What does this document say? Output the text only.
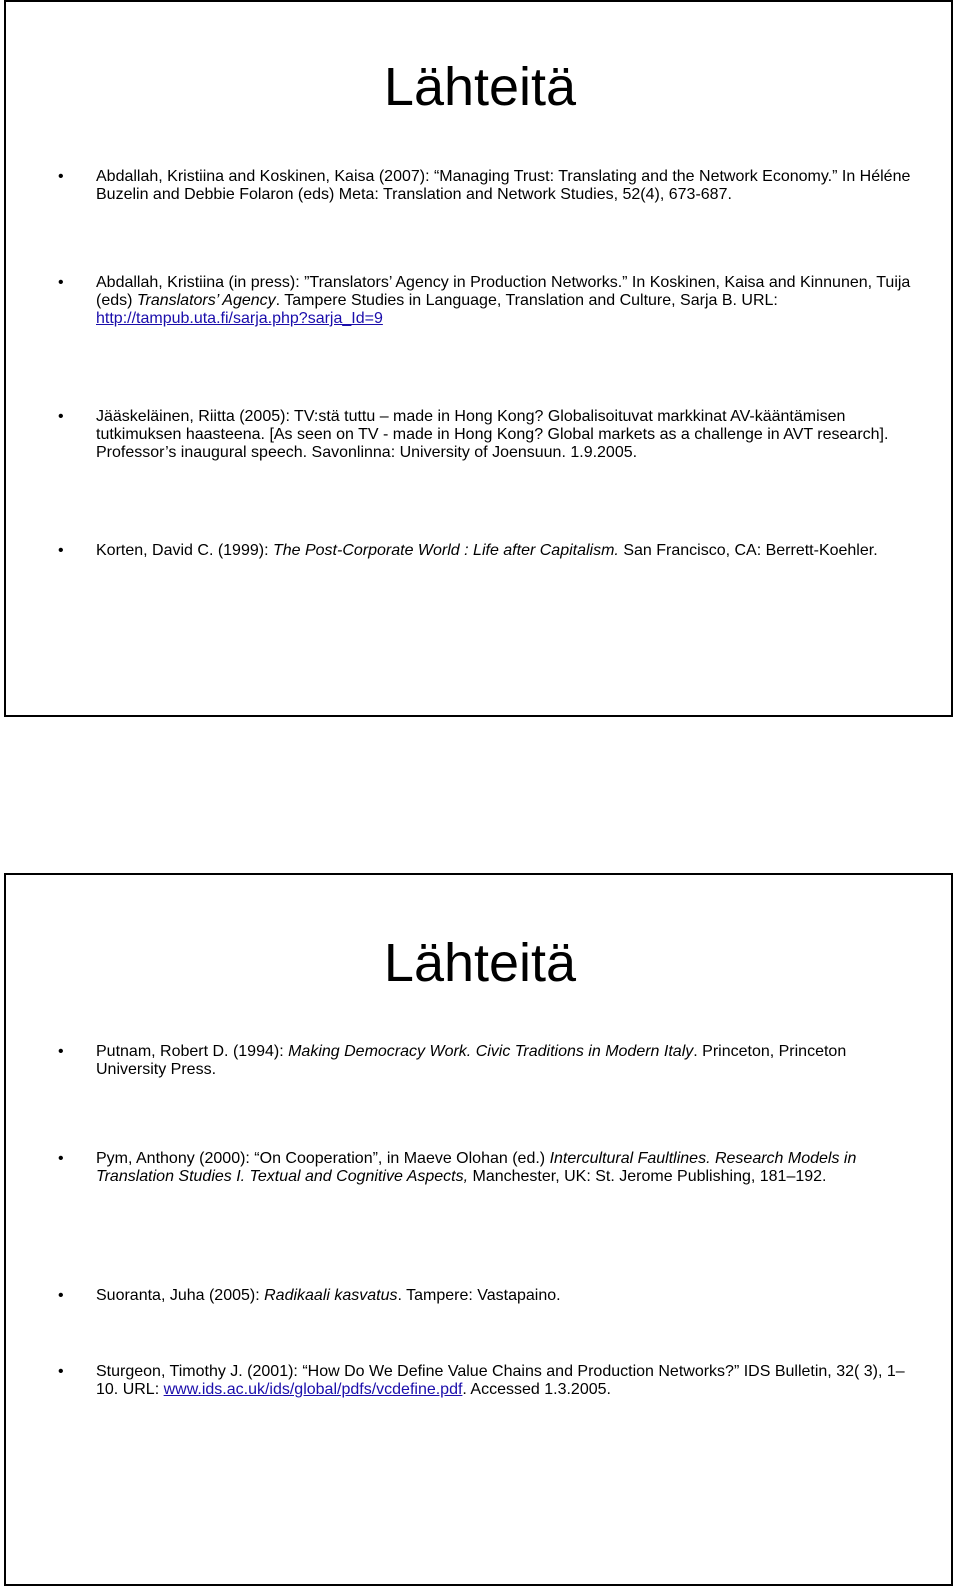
Lähteitä
• Abdallah, Kristiina and Koskinen, Kaisa (2007): “Managing Trust: Translating and the Network Economy.” In Héléne Buzelin and Debbie Folaron (eds) Meta: Translation and Network Studies, 52(4), 673-687.
• Abdallah, Kristiina (in press): ”Translators’ Agency in Production Networks.” In Koskinen, Kaisa and Kinnunen, Tuija (eds) Translators’ Agency. Tampere Studies in Language, Translation and Culture, Sarja B. URL: http://tampub.uta.fi/sarja.php?sarja_Id=9
• Jääskeläinen, Riitta (2005): TV:stä tuttu – made in Hong Kong? Globalisoituvat markkinat AV-kääntämisen tutkimuksen haasteena. [As seen on TV - made in Hong Kong? Global markets as a challenge in AVT research]. Professor’s inaugural speech. Savonlinna: University of Joensuun. 1.9.2005.
• Korten, David C. (1999): The Post-Corporate World : Life after Capitalism. San Francisco, CA: Berrett-Koehler.
Lähteitä
• Putnam, Robert D. (1994): Making Democracy Work. Civic Traditions in Modern Italy. Princeton, Princeton University Press.
• Pym, Anthony (2000): “On Cooperation”, in Maeve Olohan (ed.) Intercultural Faultlines. Research Models in Translation Studies I. Textual and Cognitive Aspects, Manchester, UK: St. Jerome Publishing, 181–192.
• Suoranta, Juha (2005): Radikaali kasvatus. Tampere: Vastapaino.
• Sturgeon, Timothy J. (2001): “How Do We Define Value Chains and Production Networks?” IDS Bulletin, 32( 3), 1–10. URL: www.ids.ac.uk/ids/global/pdfs/vcdefine.pdf. Accessed 1.3.2005.
